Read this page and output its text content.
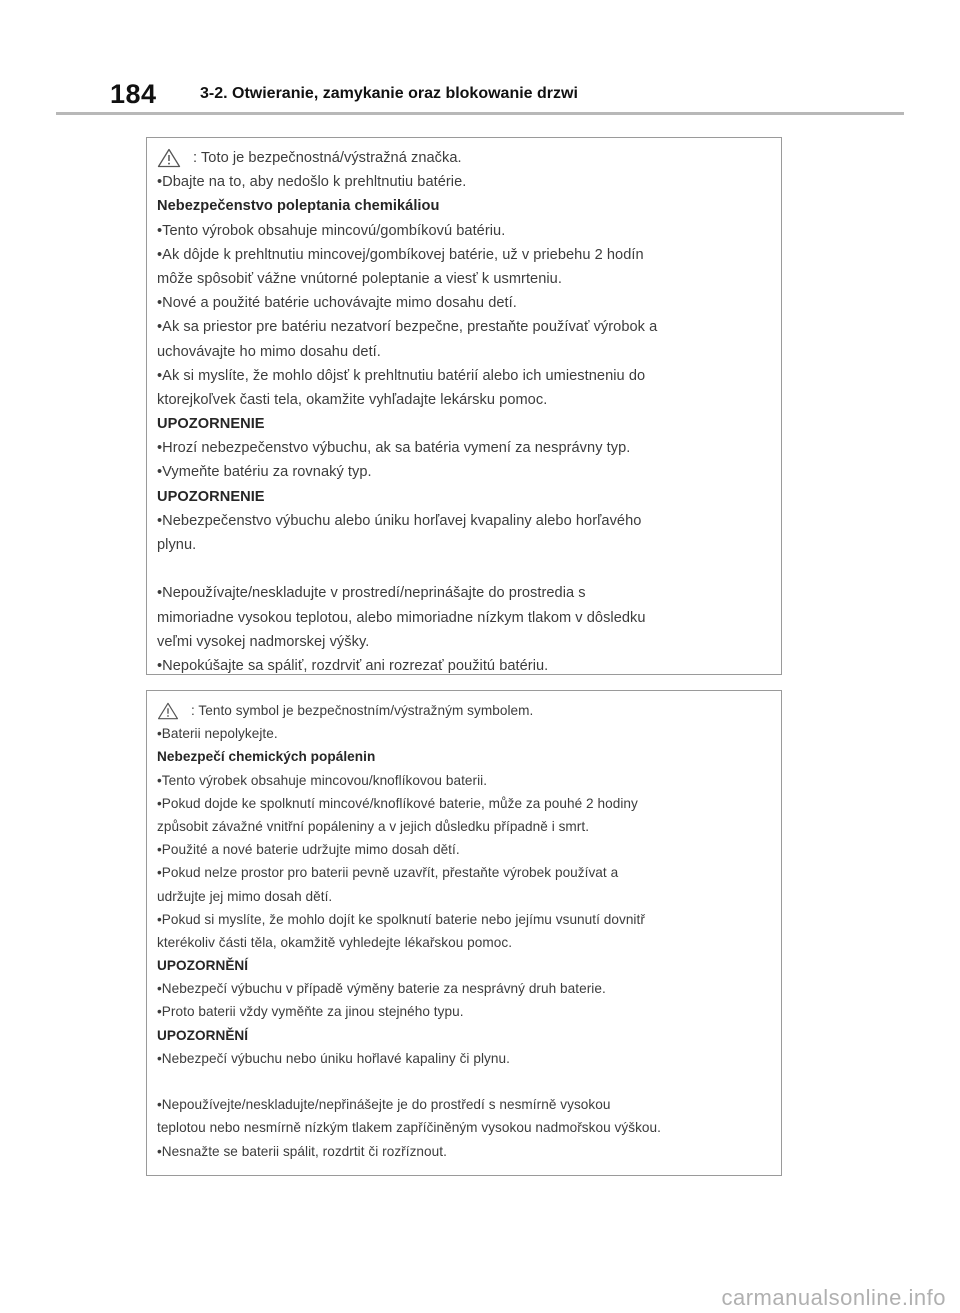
184	3-2. Otwieranie, zamykanie oraz blokowanie drzwi
: Toto je bezpečnostná/výstražná značka.
•Dbajte na to, aby nedošlo k prehltnutiu batérie.
Nebezpečenstvo poleptania chemikáliou
•Tento výrobok obsahuje mincovú/gombíkovú batériu.
•Ak dôjde k prehltnutiu mincovej/gombíkovej batérie, už v priebehu 2 hodín
môže spôsobiť vážne vnútorné poleptanie a viesť k usmrteniu.
•Nové a použité batérie uchovávajte mimo dosahu detí.
•Ak sa priestor pre batériu nezatvorí bezpečne, prestaňte používať výrobok a
uchovávajte ho mimo dosahu detí.
•Ak si myslíte, že mohlo dôjsť k prehltnutiu batérií alebo ich umiestneniu do
ktorejkoľvek časti tela, okamžite vyhľadajte lekársku pomoc.
UPOZORNENIE
•Hrozí nebezpečenstvo výbuchu, ak sa batéria vymení za nesprávny typ.
•Vymeňte batériu za rovnaký typ.
UPOZORNENIE
•Nebezpečenstvo výbuchu alebo úniku horľavej kvapaliny alebo horľavého
plynu.
•Nepoužívajte/neskladujte v prostredí/neprinášajte do prostredia s
mimoriadne vysokou teplotou, alebo mimoriadne nízkym tlakom v dôsledku
veľmi vysokej nadmorskej výšky.
•Nepokúšajte sa spáliť, rozdrviť ani rozrezať použitú batériu.
: Tento symbol je bezpečnostním/výstražným symbolem.
•Baterii nepolykejte.
Nebezpečí chemických popálenin
•Tento výrobek obsahuje mincovou/knoflíkovou baterii.
•Pokud dojde ke spolknutí mincové/knoflíkové baterie, může za pouhé 2 hodiny
způsobit závažné vnitřní popáleniny a v jejich důsledku případně i smrt.
•Použité a nové baterie udržujte mimo dosah dětí.
•Pokud nelze prostor pro baterii pevně uzavřít, přestaňte výrobek používat a
udržujte jej mimo dosah dětí.
•Pokud si myslíte, že mohlo dojít ke spolknutí baterie nebo jejímu vsunutí dovnitř
kterékoliv části těla, okamžitě vyhledejte lékařskou pomoc.
UPOZORNĚNÍ
•Nebezpečí výbuchu v případě výměny baterie za nesprávný druh baterie.
•Proto baterii vždy vyměňte za jinou stejného typu.
UPOZORNĚNÍ
•Nebezpečí výbuchu nebo úniku hořlavé kapaliny či plynu.
•Nepoužívejte/neskladujte/nepřinášejte je do prostředí s nesmírně vysokou
teplotou nebo nesmírně nízkým tlakem zapříčiněným vysokou nadmořskou výškou.
•Nesnažte se baterii spálit, rozdrtit či rozříznout.
carmanualsonline.info
